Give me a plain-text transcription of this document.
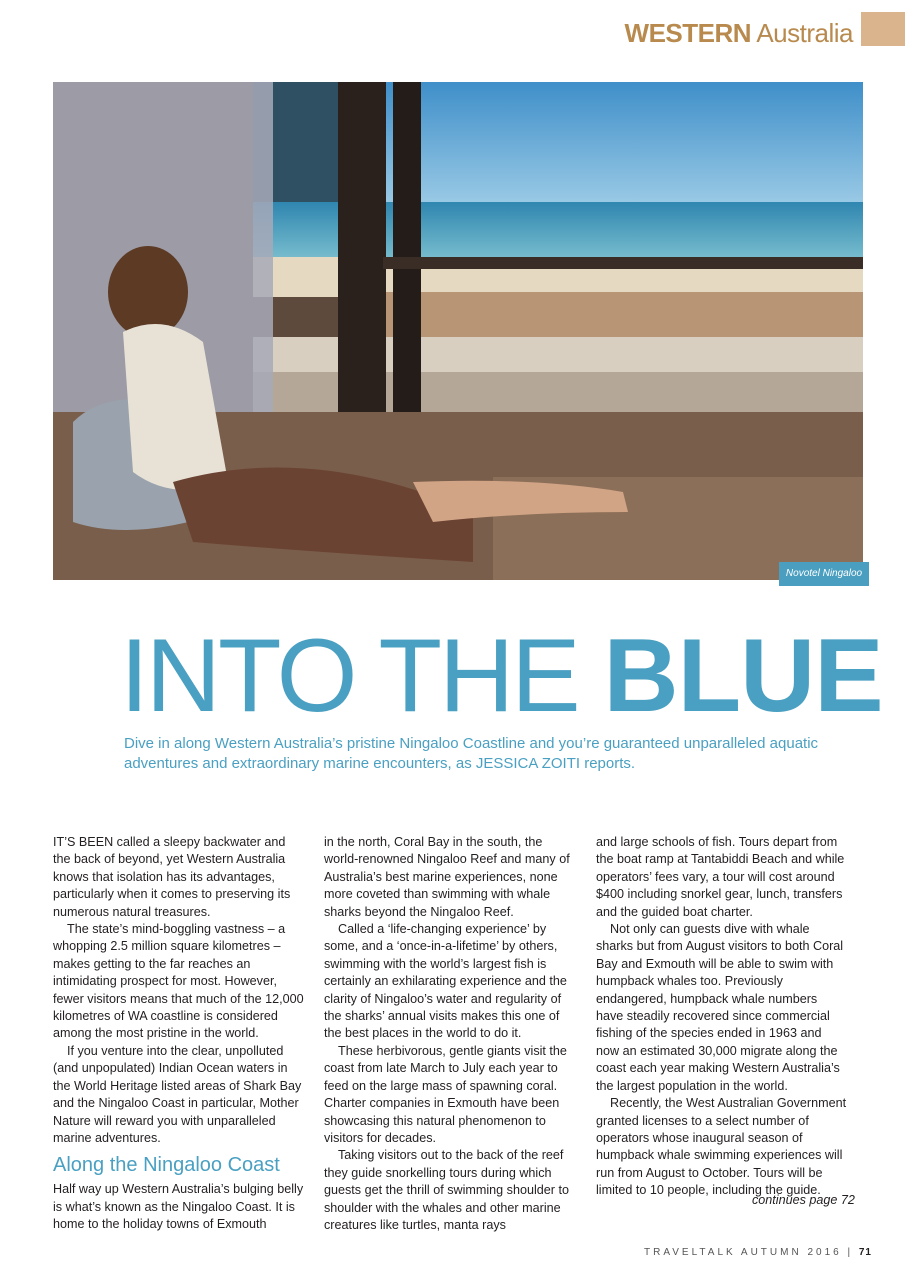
WESTERN Australia
Novotel Ningaloo
INTO THE BLUE
Dive in along Western Australia’s pristine Ningaloo Coastline and you’re guaranteed unparalleled aquatic adventures and extraordinary marine encounters, as JESSICA ZOITI reports.

IT’S BEEN called a sleepy backwater and the back of beyond, yet Western Australia knows that isolation has its advantages, particularly when it comes to preserving its numerous natural treasures.

The state’s mind-boggling vastness – a whopping 2.5 million square kilometres – makes getting to the far reaches an intimidating prospect for most. However, fewer visitors means that much of the 12,000 kilometres of WA coastline is considered among the most pristine in the world.

If you venture into the clear, unpolluted (and unpopulated) Indian Ocean waters in the World Heritage listed areas of Shark Bay and the Ningaloo Coast in particular, Mother Nature will reward you with unparalleled marine adventures.

Along the Ningaloo Coast

Half way up Western Australia’s bulging belly is what’s known as the Ningaloo Coast. It is home to the holiday towns of Exmouth

in the north, Coral Bay in the south, the world-renowned Ningaloo Reef and many of Australia’s best marine experiences, none more coveted than swimming with whale sharks beyond the Ningaloo Reef.

Called a ‘life-changing experience’ by some, and a ‘once-in-a-lifetime’ by others, swimming with the world’s largest fish is certainly an exhilarating experience and the clarity of Ningaloo’s water and regularity of the sharks’ annual visits makes this one of the best places in the world to do it.

These herbivorous, gentle giants visit the coast from late March to July each year to feed on the large mass of spawning coral. Charter companies in Exmouth have been showcasing this natural phenomenon to visitors for decades.

Taking visitors out to the back of the reef they guide snorkelling tours during which guests get the thrill of swimming shoulder to shoulder with the whales and other marine creatures like turtles, manta rays

and large schools of fish. Tours depart from the boat ramp at Tantabiddi Beach and while operators’ fees vary, a tour will cost around $400 including snorkel gear, lunch, transfers and the guided boat charter.

Not only can guests dive with whale sharks but from August visitors to both Coral Bay and Exmouth will be able to swim with humpback whales too. Previously endangered, humpback whale numbers have steadily recovered since commercial fishing of the species ended in 1963 and now an estimated 30,000 migrate along the coast each year making Western Australia’s the largest population in the world.

Recently, the West Australian Government granted licenses to a select number of operators whose inaugural season of humpback whale swimming experiences will run from August to October. Tours will be limited to 10 people, including the guide.

continues page 72
TRAVELTALK AUTUMN 2016 | 71
